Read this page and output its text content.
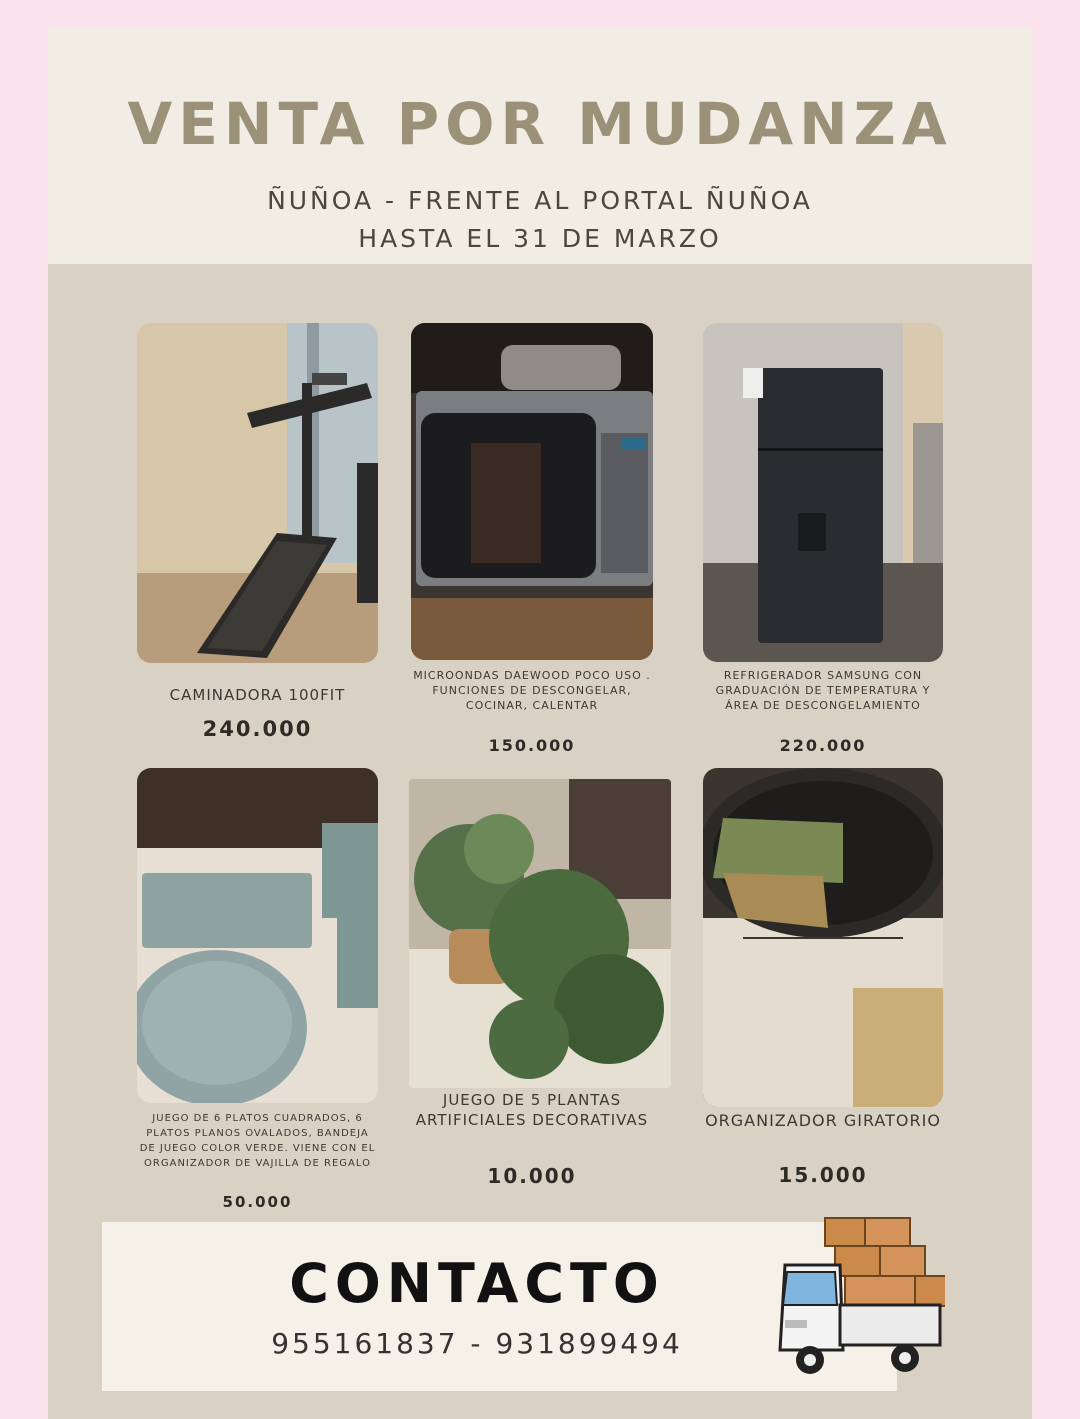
VENTA POR MUDANZA
ÑUÑOA - FRENTE AL PORTAL ÑUÑOA
HASTA EL 31 DE MARZO
CAMINADORA 100FIT
240.000
MICROONDAS DAEWOOD POCO USO . FUNCIONES DE DESCONGELAR, COCINAR, CALENTAR
150.000
REFRIGERADOR SAMSUNG CON GRADUACIÓN DE TEMPERATURA Y ÁREA DE DESCONGELAMIENTO
220.000
JUEGO DE 6 PLATOS CUADRADOS, 6 PLATOS PLANOS OVALADOS, BANDEJA DE JUEGO COLOR VERDE. VIENE CON EL ORGANIZADOR DE VAJILLA DE REGALO
50.000
JUEGO DE 5 PLANTAS ARTIFICIALES DECORATIVAS
10.000
ORGANIZADOR GIRATORIO
15.000
CONTACTO
955161837 - 931899494
